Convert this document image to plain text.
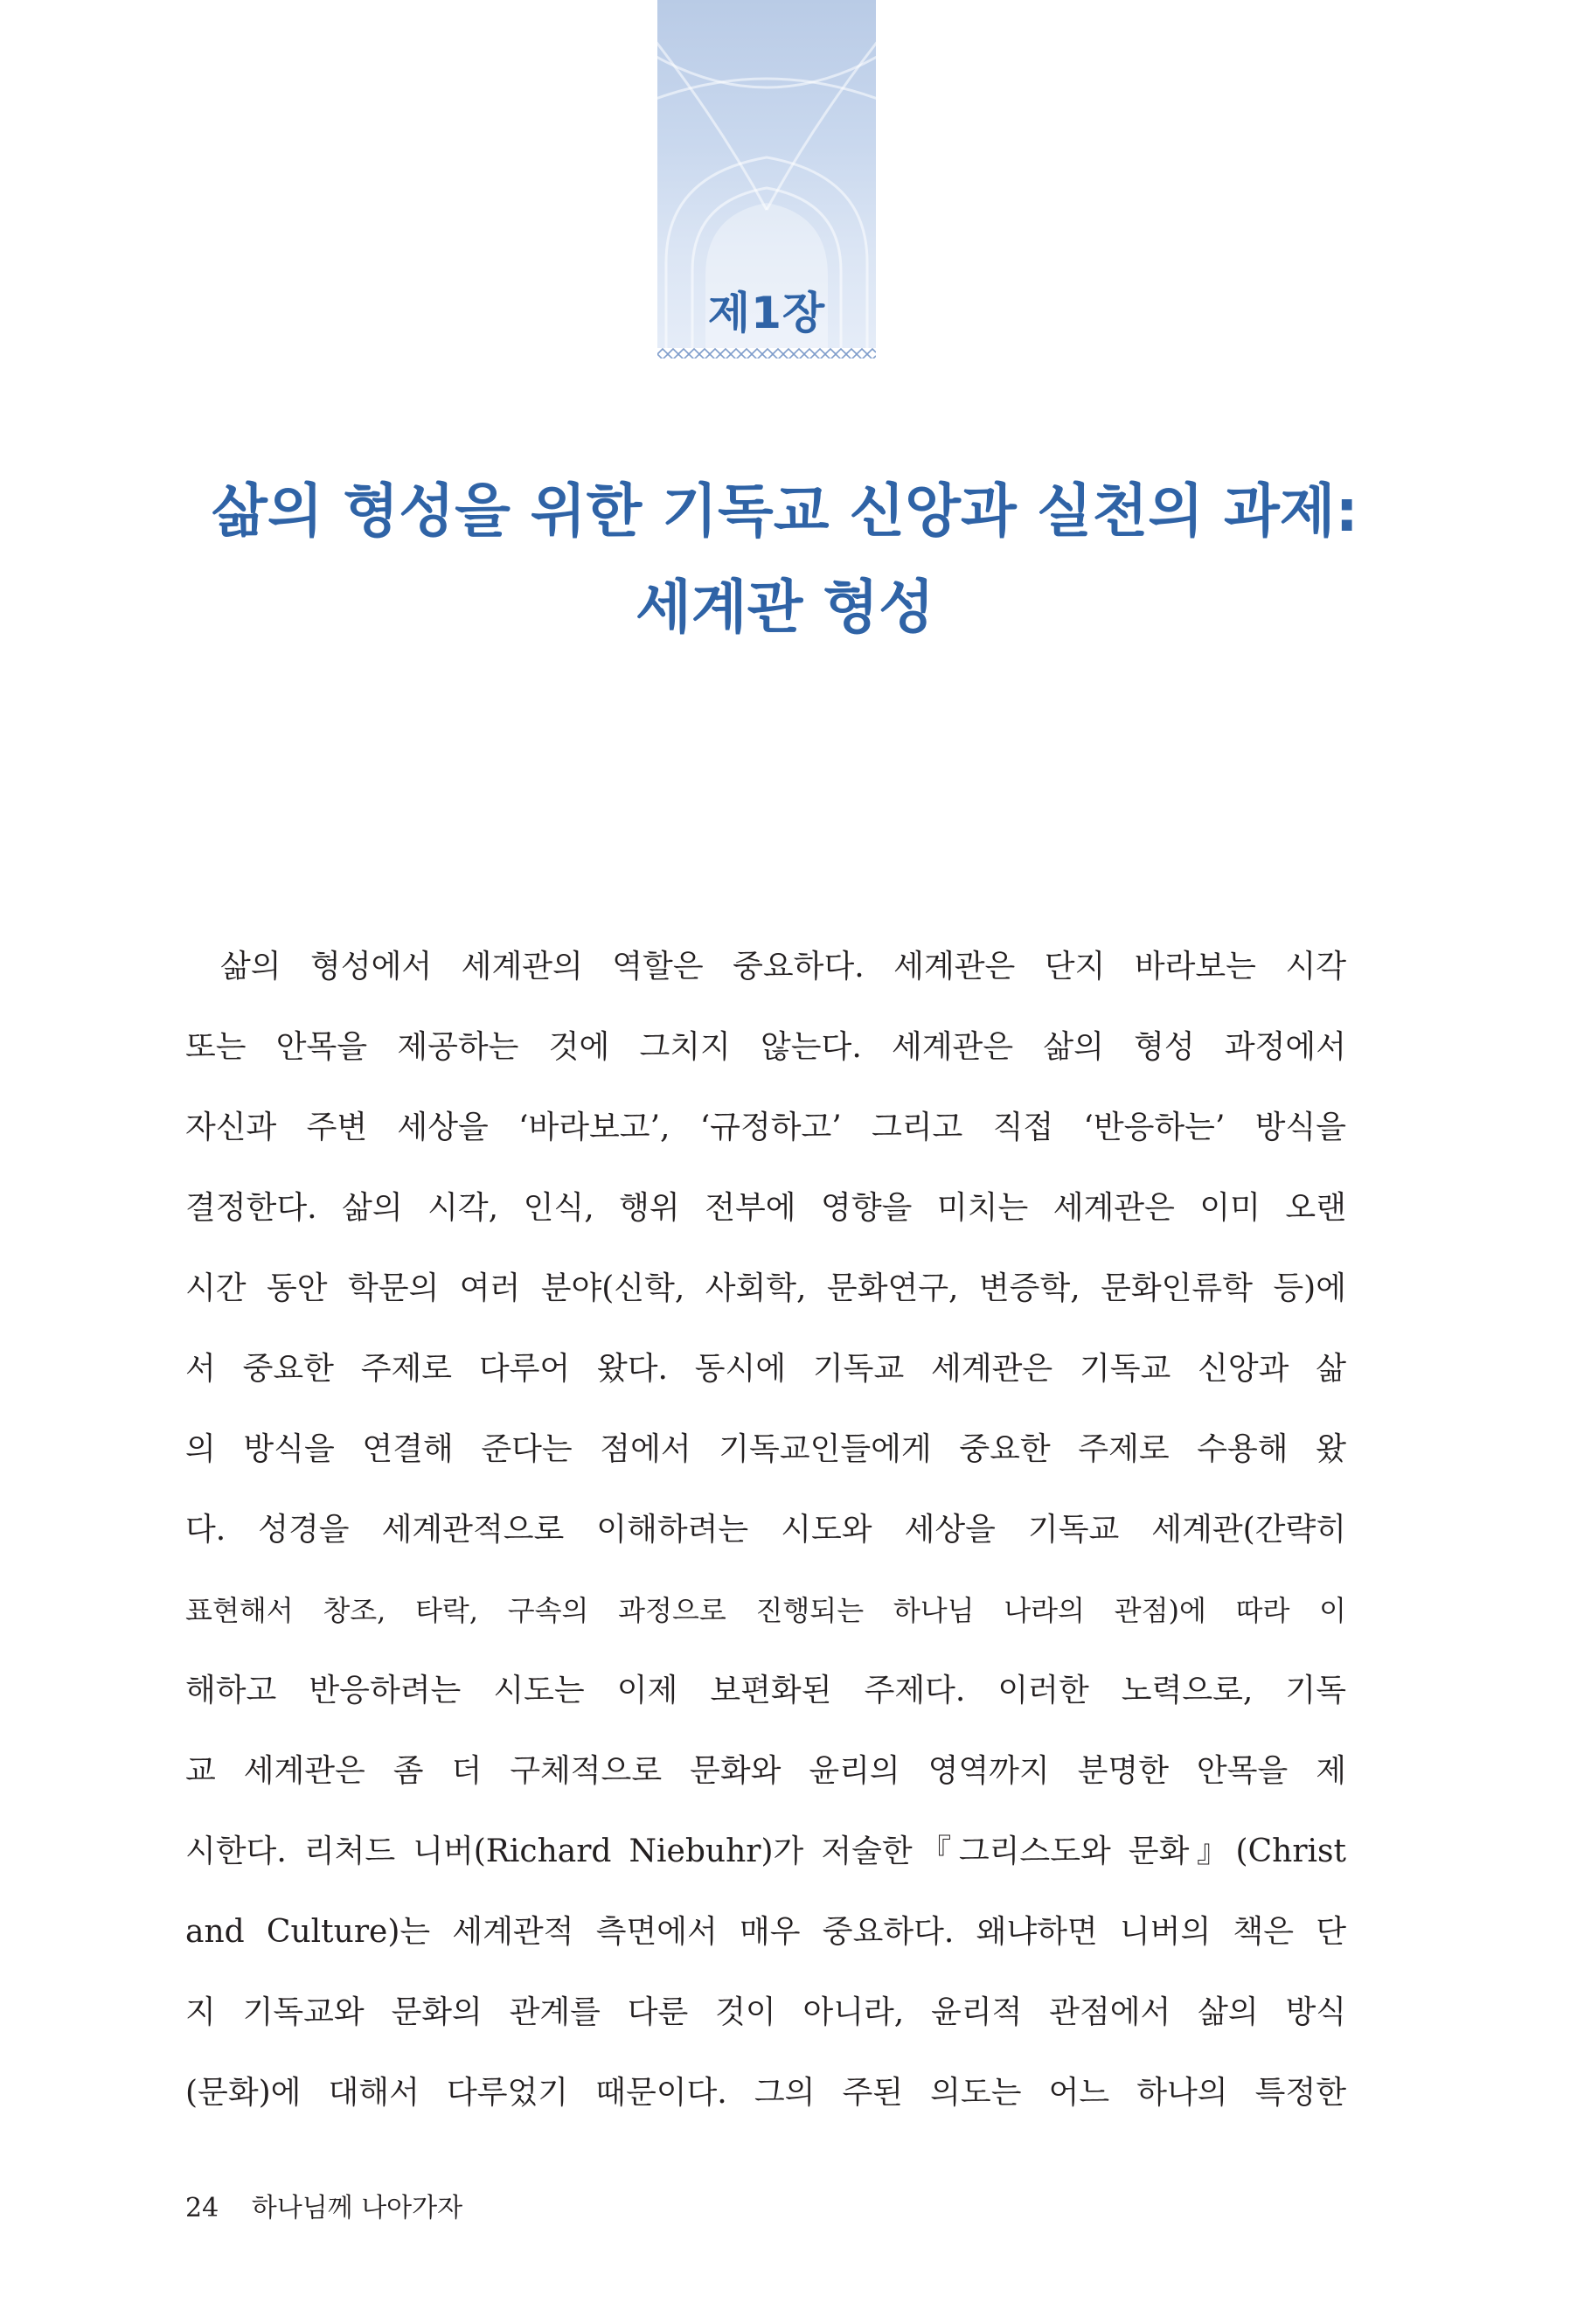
제1장
삶의 형성을 위한 기독교 신앙과 실천의 과제:
세계관 형성
삶의 형성에서 세계관의 역할은 중요하다. 세계관은 단지 바라보는 시각
또는 안목을 제공하는 것에 그치지 않는다. 세계관은 삶의 형성 과정에서
자신과 주변 세상을 ‘바라보고’, ‘규정하고’ 그리고 직접 ‘반응하는’ 방식을
결정한다. 삶의 시각, 인식, 행위 전부에 영향을 미치는 세계관은 이미 오랜
시간 동안 학문의 여러 분야(신학, 사회학, 문화연구, 변증학, 문화인류학 등)에
서 중요한 주제로 다루어 왔다. 동시에 기독교 세계관은 기독교 신앙과 삶
의 방식을 연결해 준다는 점에서 기독교인들에게 중요한 주제로 수용해 왔
다. 성경을 세계관적으로 이해하려는 시도와 세상을 기독교 세계관(간략히
표현해서 창조, 타락, 구속의 과정으로 진행되는 하나님 나라의 관점)에 따라 이
해하고 반응하려는 시도는 이제 보편화된 주제다. 이러한 노력으로, 기독
교 세계관은 좀 더 구체적으로 문화와 윤리의 영역까지 분명한 안목을 제
시한다. 리처드 니버(Richard Niebuhr)가 저술한『그리스도와 문화』(Christ
and Culture)는 세계관적 측면에서 매우 중요하다. 왜냐하면 니버의 책은 단
지 기독교와 문화의 관계를 다룬 것이 아니라, 윤리적 관점에서 삶의 방식
(문화)에 대해서 다루었기 때문이다. 그의 주된 의도는 어느 하나의 특정한
24 하나님께 나아가자
